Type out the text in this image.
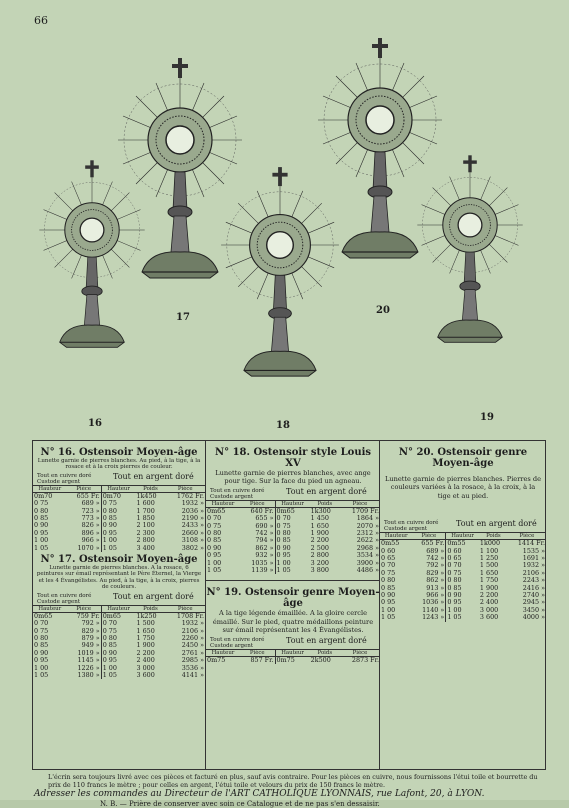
66
16
17
18
19
20
N° 16. Ostensoir Moyen-âge
Lunette garnie de pierres blanches. Au pied, à la tige, à la rosace et à la croix pierres de couleur.
Tout en cuivre doré
Custode argent
Tout en argent doré
Hauteur	Pièce	Hauteur	Poids	Pièce
0m70	655 Fr.	0m70	1k450	1762 Fr.
0 75	689 »	0 75	1 600	1932 »
0 80	723 »	0 80	1 700	2036 »
0 85	773 »	0 85	1 850	2190 »
0 90	826 »	0 90	2 100	2433 »
0 95	896 »	0 95	2 300	2660 »
1 00	966 »	1 00	2 800	3108 »
1 05	1070 »	1 05	3 400	3802 »
N° 17. Ostensoir Moyen-âge
Lunette garnie de pierres blanches. A la rosace, 6 peintures sur émail représentant le Père Éternel, la Vierge et les 4 Évangélistes. Au pied, à la tige, à la croix, pierres de couleurs.
Tout en cuivre doré
Custode argent
Tout en argent doré
Hauteur	Pièce	Hauteur	Poids	Pièce
0m65	759 Fr.	0m65	1k250	1708 Fr.
0 70	792 »	0 70	1 500	1932 »
0 75	829 »	0 75	1 650	2106 »
0 80	879 »	0 80	1 750	2260 »
0 85	949 »	0 85	1 900	2450 »
0 90	1019 »	0 90	2 200	2761 »
0 95	1145 »	0 95	2 400	2985 »
1 00	1226 »	1 00	3 000	3536 »
1 05	1380 »	1 05	3 600	4141 »
N° 18. Ostensoir style Louis XV
Lunette garnie de pierres blanches, avec ange pour tige. Sur la face du pied un agneau.
Tout en cuivre doré
Custode argent
Tout en argent doré
Hauteur	Pièce	Hauteur	Poids	Pièce
0m65	640 Fr.	0m65	1k300	1709 Fr.
0 70	655 »	0 70	1 450	1864 »
0 75	690 »	0 75	1 650	2070 »
0 80	742 »	0 80	1 900	2312 »
0 85	794 »	0 85	2 200	2622 »
0 90	862 »	0 90	2 500	2968 »
0 95	932 »	0 95	2 800	3534 »
1 00	1035 »	1 00	3 200	3900 »
1 05	1139 »	1 05	3 800	4486 »
N° 19. Ostensoir genre Moyen-âge
A la tige légende émaillée. A la gloire cercle émaillé. Sur le pied, quatre médaillons peinture sur émail représentant les 4 Évangélistes.
Tout en cuivre doré
Custode argent
Tout en argent doré
Hauteur	Pièce	Hauteur	Poids	Pièce
0m75	857 Fr.	0m75	2k500	2873 Fr.
N° 20. Ostensoir genre Moyen-âge
Lunette garnie de pierres blanches. Pierres de couleurs variées à la rosace, à la croix, à la tige et au pied.
Tout en cuivre doré
Custode argent
Tout en argent doré
Hauteur	Pièce	Hauteur	Poids	Pièce
0m55	655 Fr.	0m55	1k000	1414 Fr.
0 60	689 »	0 60	1 100	1535 »
0 65	742 »	0 65	1 250	1691 »
0 70	792 »	0 70	1 500	1932 »
0 75	829 »	0 75	1 650	2106 »
0 80	862 »	0 80	1 750	2243 »
0 85	913 »	0 85	1 900	2416 »
0 90	966 »	0 90	2 200	2740 »
0 95	1036 »	0 95	2 400	2945 »
1 00	1140 »	1 00	3 000	3450 »
1 05	1243 »	1 05	3 600	4000 »
L'écrin sera toujours livré avec ces pièces et facturé en plus, sauf avis contraire. Pour les pièces en cuivre, nous fournissons l'étui toile et bourrette du prix de 110 francs le mètre ; pour celles en argent, l'étui toile et velours du prix de 150 francs le mètre.
Adresser les commandes au Directeur de l'ART CATHOLIQUE LYONNAIS, rue Lafont, 20, à LYON.
N. B. — Prière de conserver avec soin ce Catalogue et de ne pas s'en dessaisir.
